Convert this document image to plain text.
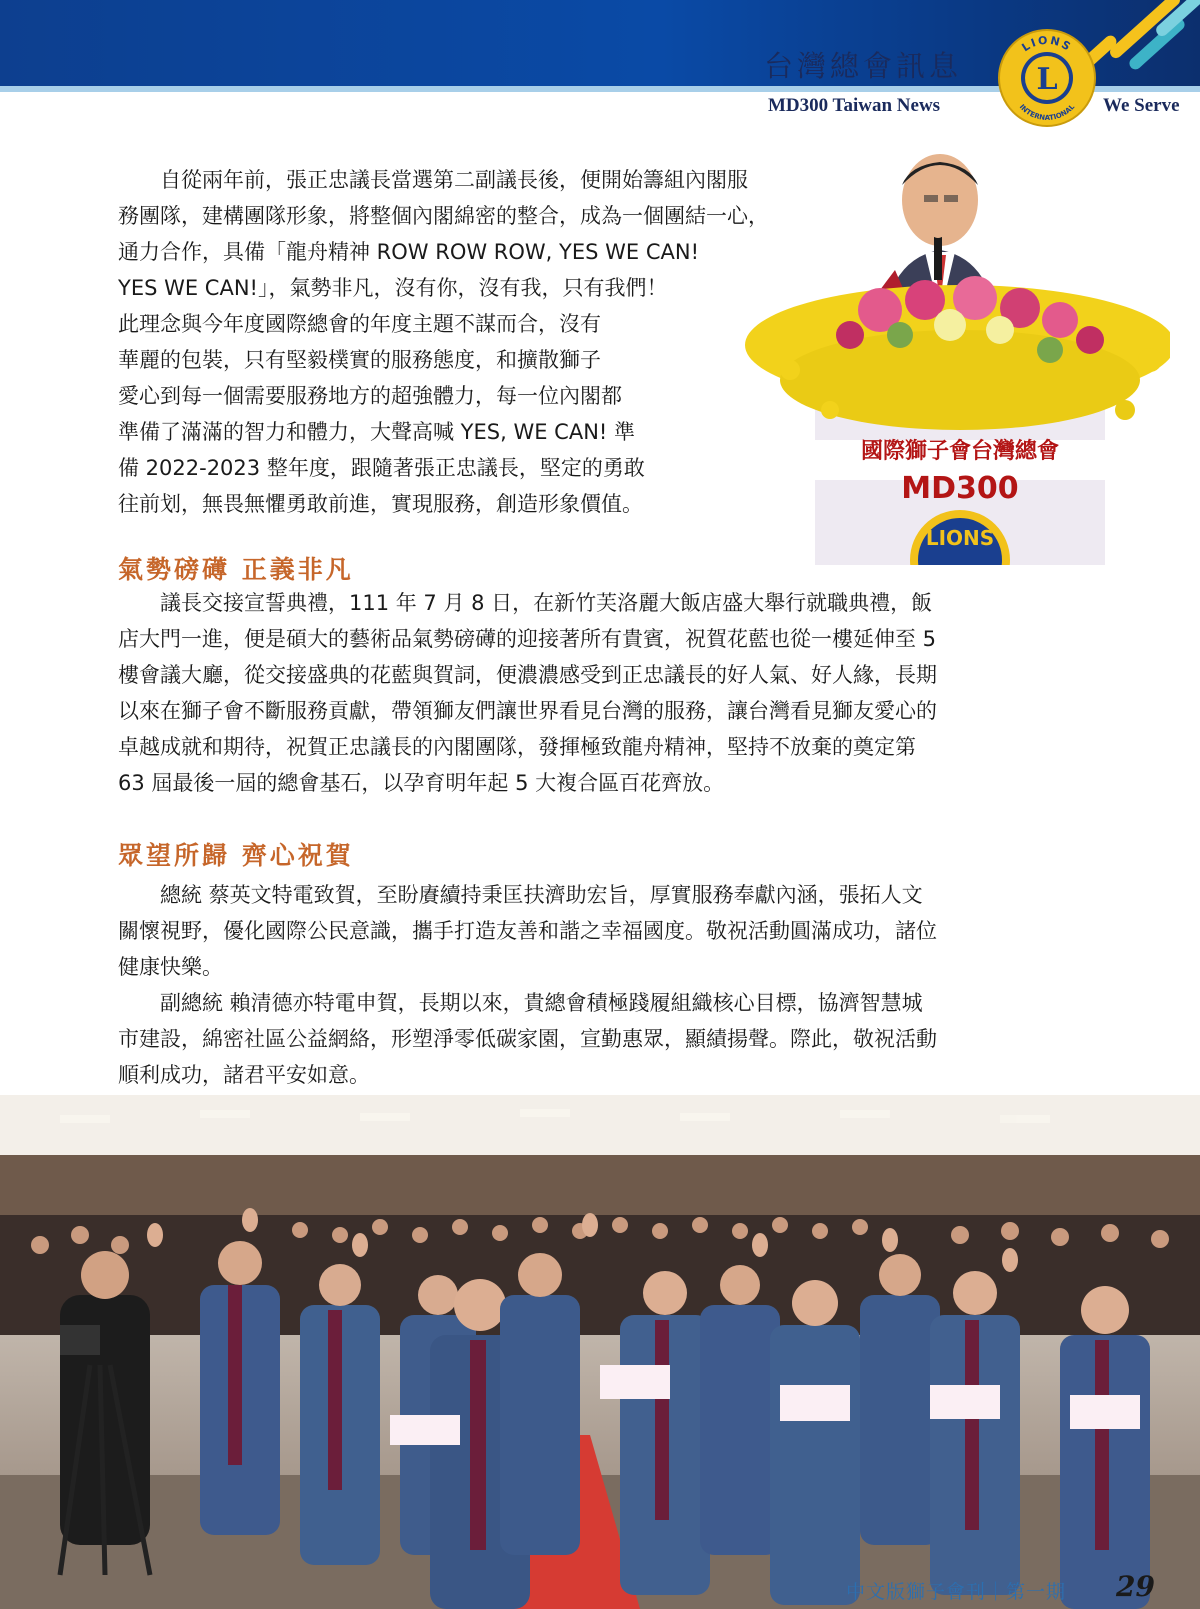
台灣總會訊息
MD300 Taiwan News	We Serve
L
LIONS
INTERNATIONAL
自從兩年前，張正忠議長當選第二副議長後，便開始籌組內閣服
務團隊，建構團隊形象，將整個內閣綿密的整合，成為一個團結一心，
通力合作，具備「龍舟精神 ROW ROW ROW, YES WE CAN!
YES WE CAN!」，氣勢非凡，沒有你，沒有我，只有我們！
此理念與今年度國際總會的年度主題不謀而合，沒有
華麗的包裝，只有堅毅樸實的服務態度，和擴散獅子
愛心到每一個需要服務地方的超強體力，每一位內閣都
準備了滿滿的智力和體力，大聲高喊 YES, WE CAN! 準
備 2022-2023 整年度，跟隨著張正忠議長，堅定的勇敢
往前划，無畏無懼勇敢前進，實現服務，創造形象價值。
國際獅子會台灣總會
MD300
LIONS
氣勢磅礡 正義非凡
議長交接宣誓典禮，111 年 7 月 8 日，在新竹芙洛麗大飯店盛大舉行就職典禮，飯
店大門一進，便是碩大的藝術品氣勢磅礡的迎接著所有貴賓，祝賀花藍也從一樓延伸至 5
樓會議大廳，從交接盛典的花藍與賀詞，便濃濃感受到正忠議長的好人氣、好人緣，長期
以來在獅子會不斷服務貢獻，帶領獅友們讓世界看見台灣的服務，讓台灣看見獅友愛心的
卓越成就和期待，祝賀正忠議長的內閣團隊，發揮極致龍舟精神，堅持不放棄的奠定第
63 屆最後一屆的總會基石，以孕育明年起 5 大複合區百花齊放。
眾望所歸 齊心祝賀
總統 蔡英文特電致賀，至盼賡續持秉匡扶濟助宏旨，厚實服務奉獻內涵，張拓人文
關懷視野，優化國際公民意識，攜手打造友善和諧之幸福國度。敬祝活動圓滿成功，諸位
健康快樂。
副總統 賴清德亦特電申賀，長期以來，貴總會積極踐履組織核心目標，協濟智慧城
市建設，綿密社區公益網絡，形塑淨零低碳家園，宣勤惠眾，顯績揚聲。際此，敬祝活動
順利成功，諸君平安如意。
中文版獅子會刊｜第一期 29
